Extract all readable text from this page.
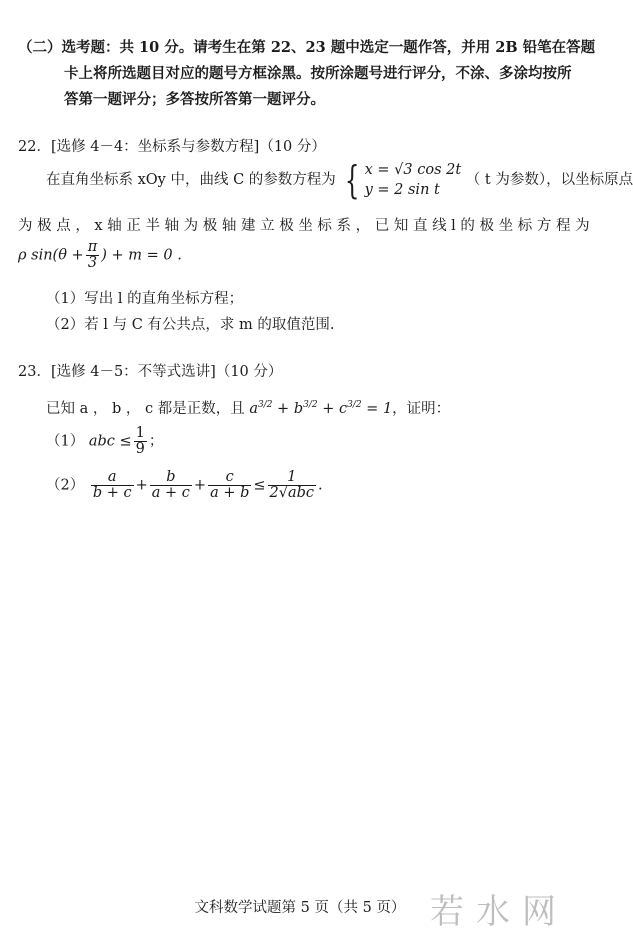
（二）选考题：共 10 分。请考生在第 22、23 题中选定一题作答，并用 2B 铅笔在答题
卡上将所选题目对应的题号方框涂黑。按所涂题号进行评分，不涂、多涂均按所
答第一题评分；多答按所答第一题评分。
22．[选修 4－4：坐标系与参数方程]（10 分）
在直角坐标系 xOy 中，曲线 C 的参数方程为 { x = √3 cos 2t
y = 2 sin t
（ t 为参数），以坐标原点
为 极 点 ， x 轴 正 半 轴 为 极 轴 建 立 极 坐 标 系 ， 已 知 直 线 l 的 极 坐 标 方 程 为
ρ $\sin(\theta + \frac{\pi}{3}$ ) + m = 0 .
（1）写出 l 的直角坐标方程；
（2）若 l 与 C 有公共点，求 m 的取值范围.
23．[选修 4－5：不等式选讲]（10 分）
已知 a ， b ， c 都是正数，且 $a^{3/2} + b^{3/2} + c^{3/2} = 1$，证明：
（1） abc ≤ $\frac{1}{9}$ ；
$(2) \frac{a}{b + c} + \frac{b}{a + c} + \frac{c}{a + b} \le \frac{1}{\text{2√abc}}$ .
文科数学试题第 5 页（共 5 页） 若水网
